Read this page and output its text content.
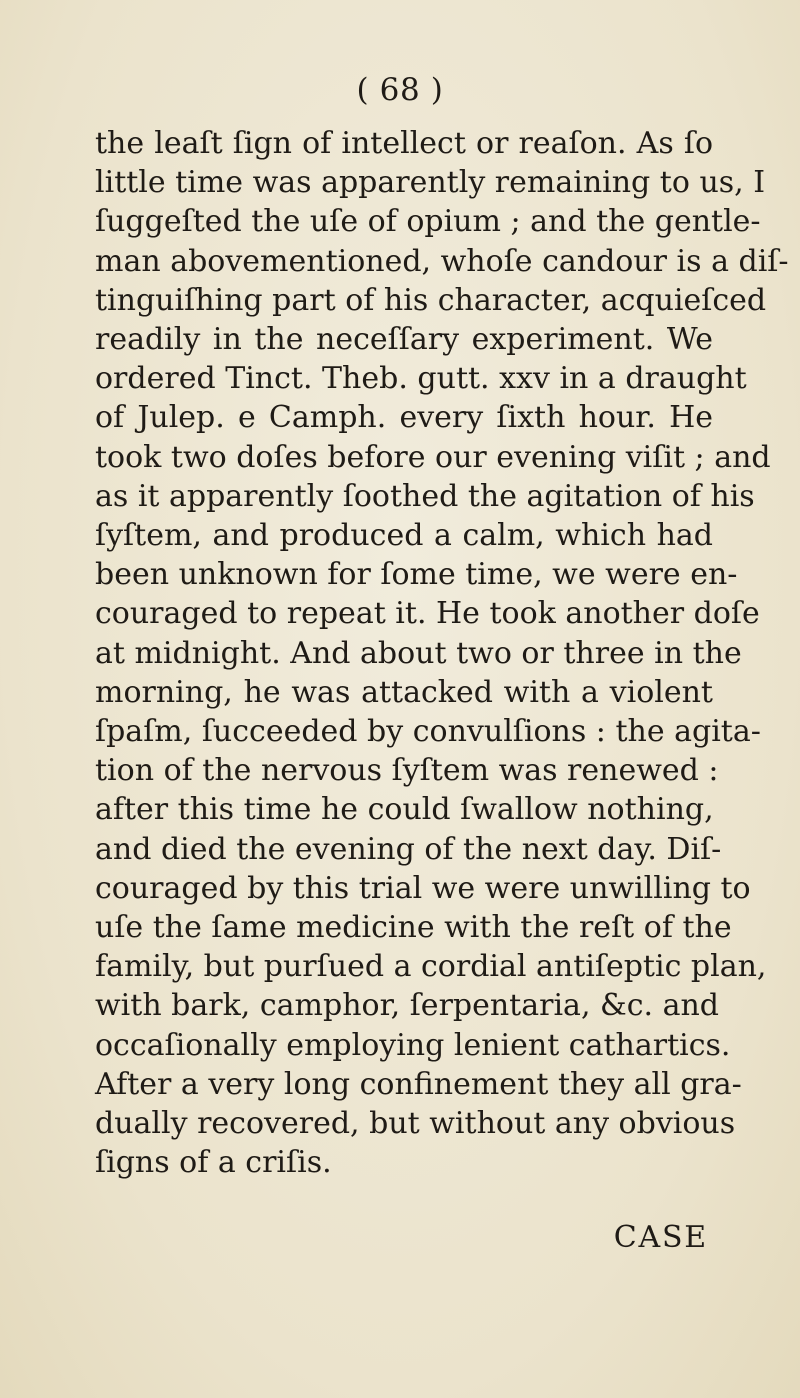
( 68 )
the leaſt ſign of intellect or reaſon. As ſo
little time was apparently remaining to us, I
ſuggeſted the uſe of opium ; and the gentle-
man abovementioned, whoſe candour is a diſ-
tinguiſhing part of his character, acquieſced
readily in the neceſſary experiment. We
ordered Tinct. Theb. gutt. xxv in a draught
of Julep. e Camph. every ſixth hour. He
took two doſes before our evening viſit ; and
as it apparently ſoothed the agitation of his
ſyſtem, and produced a calm, which had
been unknown for ſome time, we were en-
couraged to repeat it. He took another doſe
at midnight. And about two or three in the
morning, he was attacked with a violent
ſpaſm, ſucceeded by convulſions : the agita-
tion of the nervous ſyſtem was renewed :
after this time he could ſwallow nothing,
and died the evening of the next day. Diſ-
couraged by this trial we were unwilling to
uſe the ſame medicine with the reſt of the
family, but purſued a cordial antiſeptic plan,
with bark, camphor, ſerpentaria, &c. and
occaſionally employing lenient cathartics.
After a very long confinement they all gra-
dually recovered, but without any obvious
ſigns of a criſis.
CASE
